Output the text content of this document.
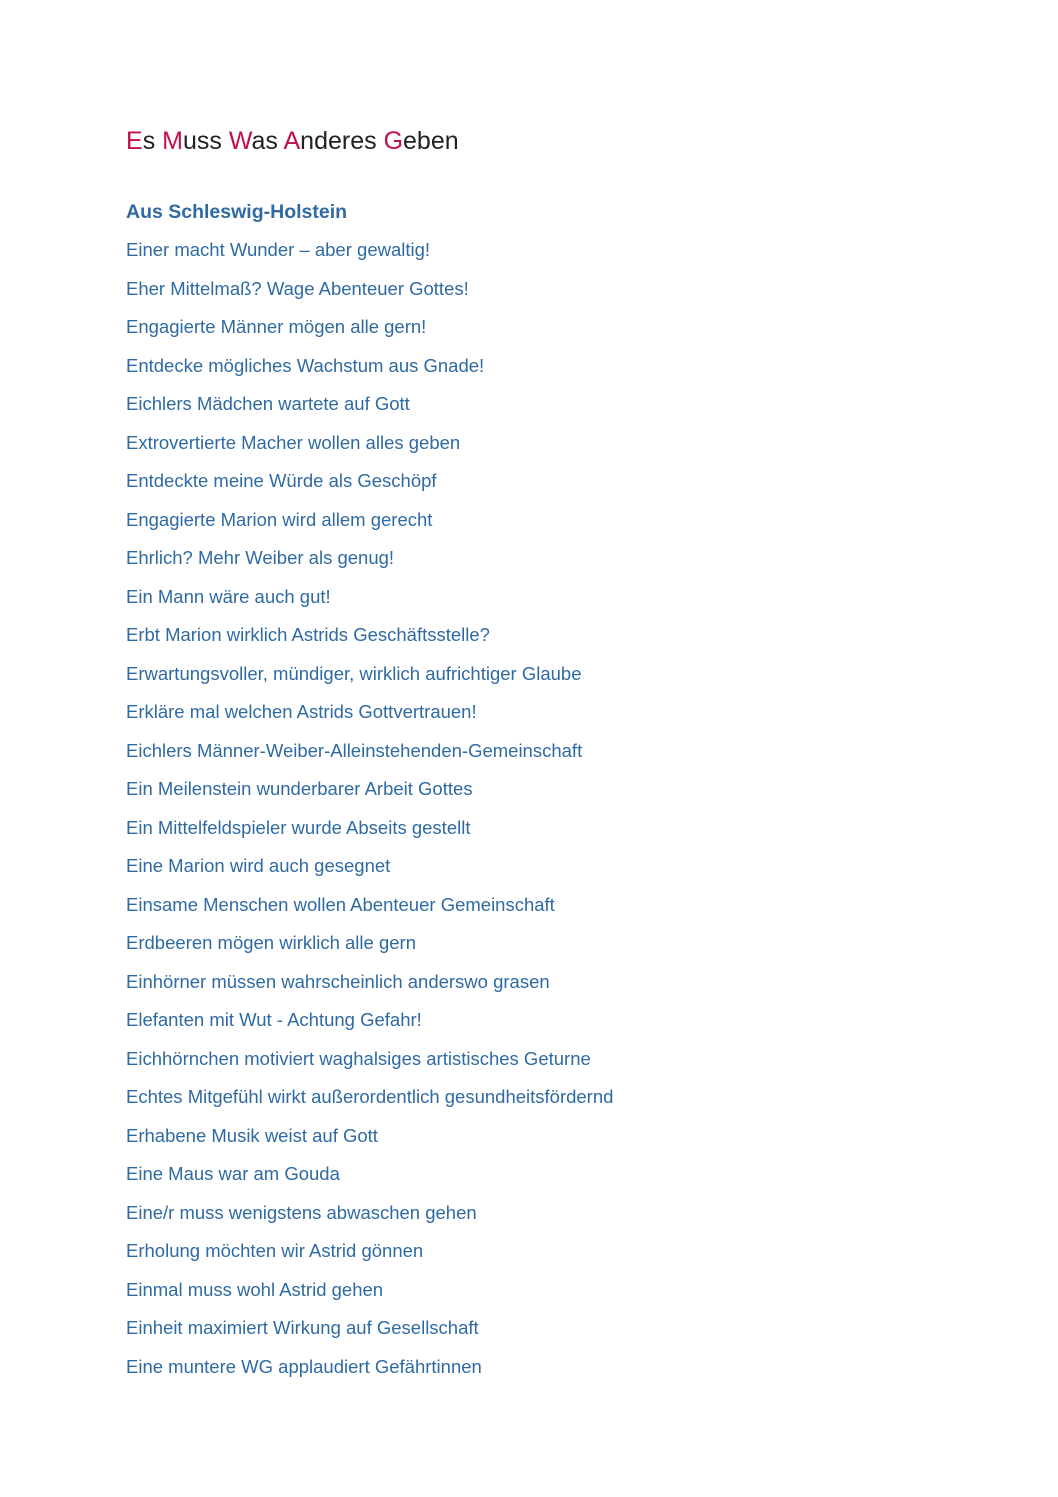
Es Muss Was Anderes Geben
Aus Schleswig-Holstein
Einer macht Wunder – aber gewaltig!
Eher Mittelmaß? Wage Abenteuer Gottes!
Engagierte Männer mögen alle gern!
Entdecke mögliches Wachstum aus Gnade!
Eichlers Mädchen wartete auf Gott
Extrovertierte Macher wollen alles geben
Entdeckte meine Würde als Geschöpf
Engagierte Marion wird allem gerecht
Ehrlich? Mehr Weiber als genug!
Ein Mann wäre auch gut!
Erbt Marion wirklich Astrids Geschäftsstelle?
Erwartungsvoller, mündiger, wirklich aufrichtiger Glaube
Erkläre mal welchen Astrids Gottvertrauen!
Eichlers Männer-Weiber-Alleinstehenden-Gemeinschaft
Ein Meilenstein wunderbarer Arbeit Gottes
Ein Mittelfeldspieler wurde Abseits gestellt
Eine Marion wird auch gesegnet
Einsame Menschen wollen Abenteuer Gemeinschaft
Erdbeeren mögen wirklich alle gern
Einhörner müssen wahrscheinlich anderswo grasen
Elefanten mit Wut - Achtung Gefahr!
Eichhörnchen motiviert waghalsiges artistisches Geturne
Echtes Mitgefühl wirkt außerordentlich gesundheitsfördernd
Erhabene Musik weist auf Gott
Eine Maus war am Gouda
Eine/r muss wenigstens abwaschen gehen
Erholung möchten wir Astrid gönnen
Einmal muss wohl Astrid gehen
Einheit maximiert Wirkung auf Gesellschaft
Eine muntere WG applaudiert Gefährtinnen
